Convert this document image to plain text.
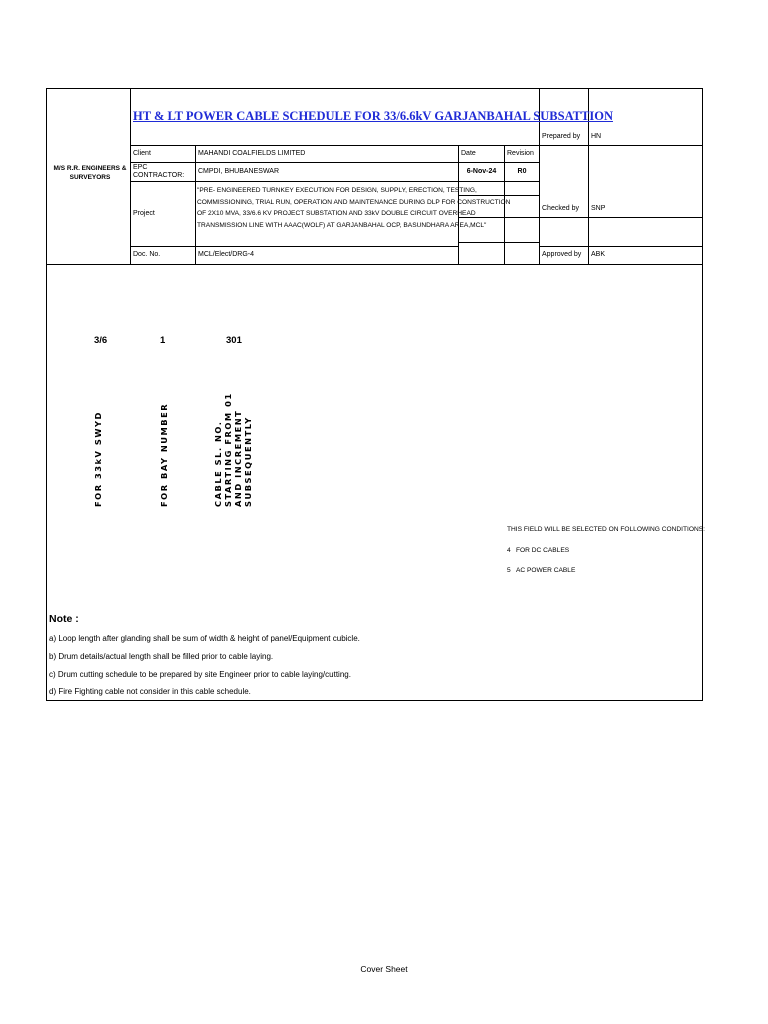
HT & LT POWER CABLE SCHEDULE FOR 33/6.6kV GARJANBAHAL SUBSATTION
M/S R.R. ENGINEERS & SURVEYORS
Client	MAHANDI COALFIELDS LIMITED	Date	Revision
EPC CONTRACTOR:
CMPDI, BHUBANESWAR	6-Nov-24	R0
Project
"PRE- ENGINEERED TURNKEY EXECUTION FOR DESIGN, SUPPLY, ERECTION, TESTING,
COMMISSIONING, TRIAL RUN, OPERATION AND MAINTENANCE DURING DLP FOR CONSTRUCTION
OF 2X10 MVA, 33/6.6 KV PROJECT SUBSTATION AND 33kV DOUBLE CIRCUIT OVERHEAD
TRANSMISSION LINE WITH AAAC(WOLF) AT GARJANBAHAL OCP, BASUNDHARA AREA,MCL"
Doc. No.	MCL/Elect/DRG-4
Prepared by	HN
Checked by	SNP
Approved by	ABK
3/6	1	301
FOR 33kV SWYD	FOR BAY NUMBER	CABLE SL. NO. STARTING FROM 01 AND INCREMENT SUBSEQUENTLY
THIS FIELD WILL BE SELECTED ON FOLLOWING CONDITIONS:
4 FOR DC CABLES
5 AC POWER CABLE
Note :
a) Loop length after glanding shall be sum of width & height of panel/Equipment cubicle.
b) Drum details/actual length shall be filled prior to cable laying.
c) Drum cutting schedule to be prepared by site Engineer prior to cable laying/cutting.
d) Fire Fighting cable not consider in this cable schedule.
Cover Sheet
